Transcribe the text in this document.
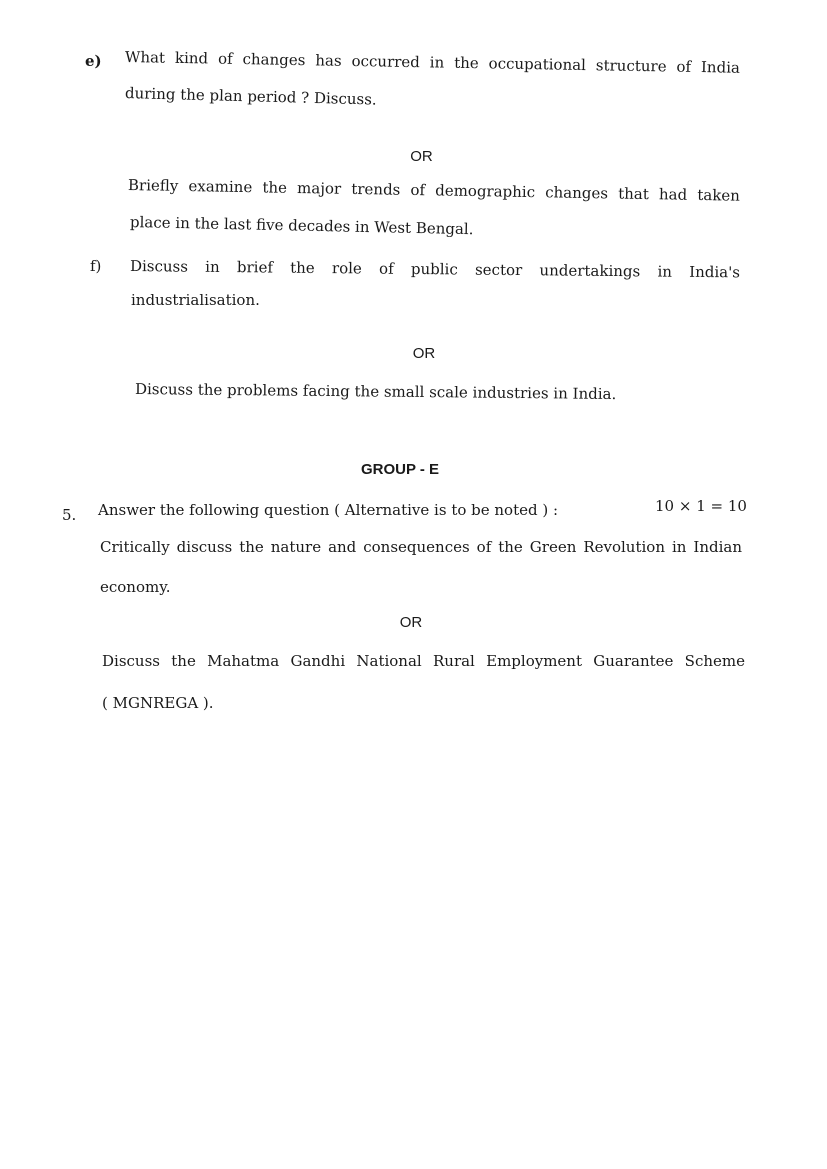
e) What kind of changes has occurred in the occupational structure of India
during the plan period ? Discuss.
OR
Briefly examine the major trends of demographic changes that had taken
place in the last five decades in West Bengal.
f) Discuss in brief the role of public sector undertakings in India's
industrialisation.
OR
Discuss the problems facing the small scale industries in India.
GROUP - E
5. Answer the following question ( Alternative is to be noted ) :	10 × 1 = 10
Critically discuss the nature and consequences of the Green Revolution in Indian
economy.
OR
Discuss the Mahatma Gandhi National Rural Employment Guarantee Scheme
( MGNREGA ).
